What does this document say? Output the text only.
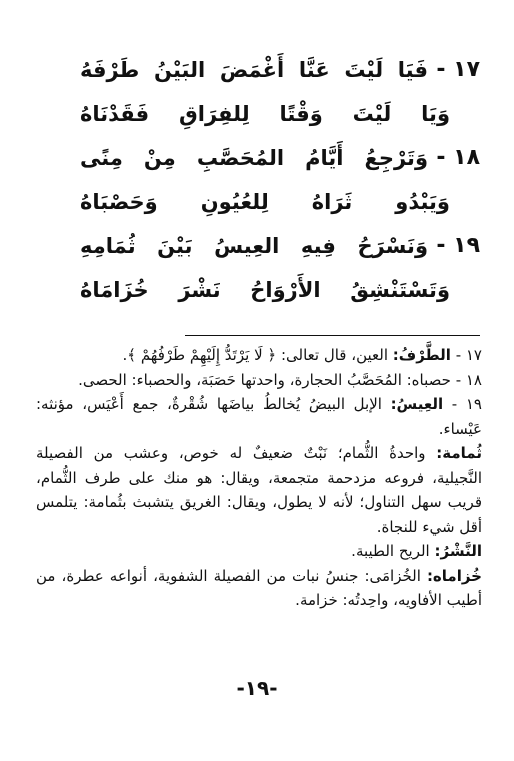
١٧ -
فَيَا لَيْتَ عَنَّا أَغْمَضَ البَيْنُ طَرْفَهُ
وَيَا لَيْتَ وَقْتًا لِلفِرَاقِ فَقَدْنَاهُ
١٨ -
وَتَرْجِعُ أَيَّامُ المُحَصَّبِ مِنْ مِنًى
وَيَبْدُو ثَرَاهُ لِلعُيُونِ وَحَصْبَاهُ
١٩ -
وَنَسْرَحُ فِيهِ العِيسُ بَيْنَ ثُمَامِهِ
وَتَسْتَنْشِقُ الأَرْوَاحُ نَشْرَ خُزَامَاهُ

١٧ - الطَّرْفُ: العين، قال تعالى: ﴿ لَا يَرْتَدُّ إِلَيْهِمْ طَرْفُهُمْ ﴾.

١٨ - حصباه: المُحَصَّبُ الحجارة، واحدتها حَصَبَة، والحصباء: الحصى.

١٩ - العِيسُ: الإبل البيضُ يُخالطُ بياضَها شُقْرةٌ، جمع أَعْيَس، مؤنثه: عَيْساء.

ثُمامة: واحدةُ الثُّمام؛ نَبْتٌ ضعيفٌ له خوص، وعشب من الفصيلة النَّجيلية، فروعه مزدحمة متجمعة، ويقال: هو منك على طرف الثُّمام، قريب سهل التناول؛ لأنه لا يطول، ويقال: الغريق يتشبث بثُمامة: يتلمس أقل شيء للنجاة.

النَّشْرُ: الريح الطيبة.

خُزاماه: الخُزامَى: جنسُ نبات من الفصيلة الشفوية، أنواعه عطرة، من أطيب الأفاويه، واحِدتُه: خزامة.

-١٩-
